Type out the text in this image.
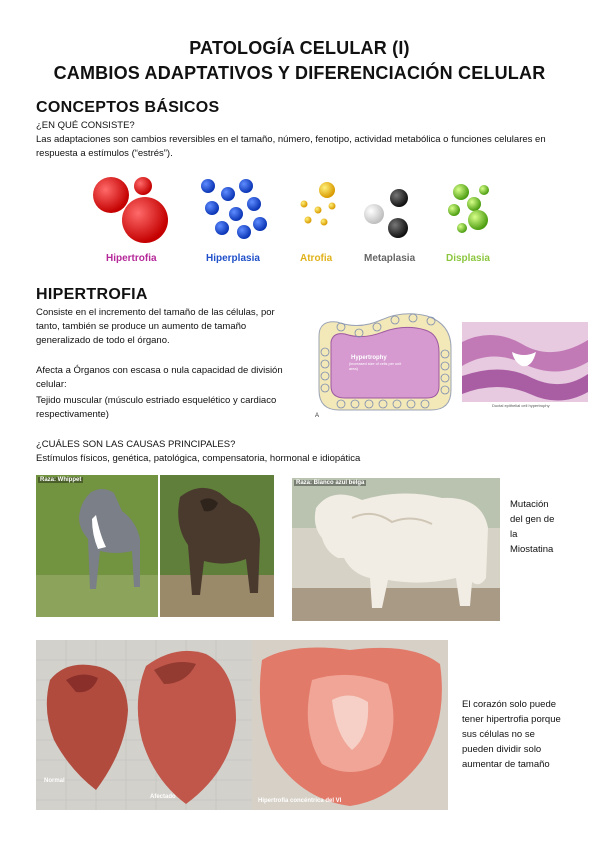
PATOLOGÍA CELULAR (I)
CAMBIOS ADAPTATIVOS Y DIFERENCIACIÓN CELULAR
CONCEPTOS BÁSICOS
¿EN QUÉ CONSISTE?
Las adaptaciones son cambios reversibles en el tamaño, número, fenotipo, actividad metabólica o funciones celulares en respuesta a estímulos (“estrés”).
Hipertrofia	Hiperplasia	Atrofia	Metaplasia	Displasia
HIPERTROFIA
Consiste en el incremento del tamaño de las células, por tanto, también se produce un aumento de tamaño generalizado de todo el órgano.
Afecta a Órganos con escasa o nula capacidad de división celular:
Tejido muscular (músculo estriado esquelético y cardiaco respectivamente)	A
Hypertrophy
(increased size of cells per unit area)
Ductal epithelial cell hypertrophy
¿CUÁLES SON LAS CAUSAS PRINCIPALES?
Estímulos físicos, genética, patológica, compensatoria, hormonal e idiopática
Raza: Whippet	Raza: Blanco azul belga
Mutación del gen de la Miostatina
Normal
Afectado
Hipertrofia concéntrica del VI
El corazón solo puede tener hipertrofia porque sus células no se pueden dividir solo aumentar de tamaño
